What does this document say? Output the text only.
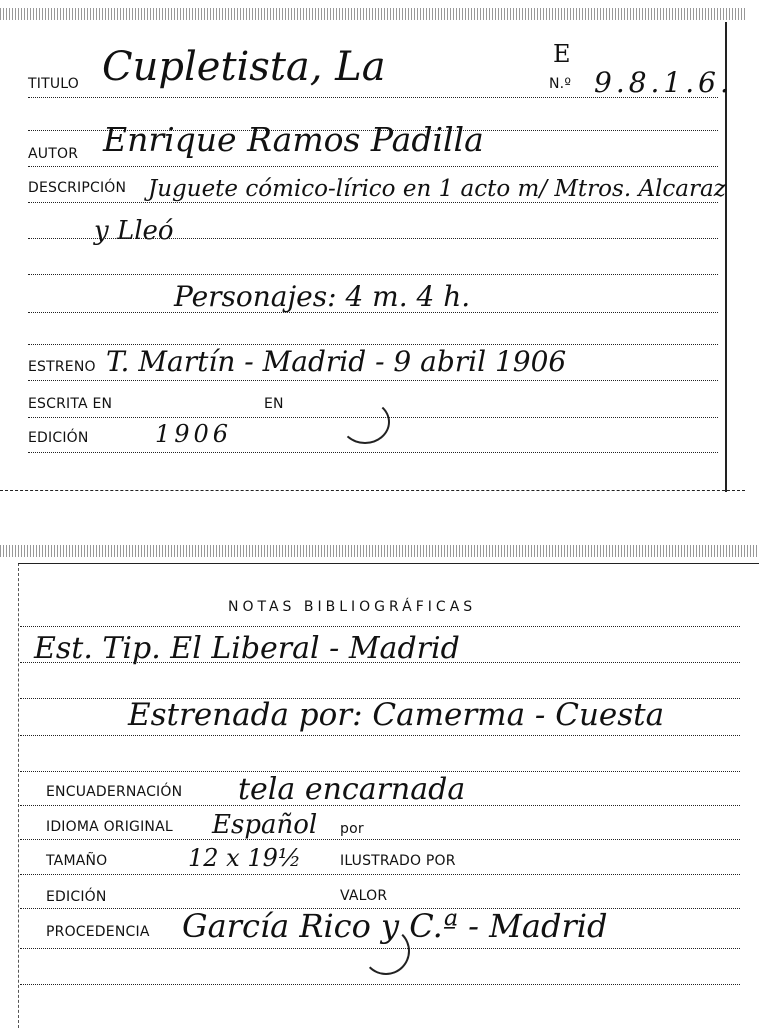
E
N.º 9.8.1.6.
TITULO Cupletista, La
AUTOR Enrique Ramos Padilla
DESCRIPCIÓN Juguete cómico-lírico en 1 acto m/ Mtros. Alcaraz
y Lleó
Personajes: 4 m. 4 h.
ESTRENO T. Martín - Madrid - 9 abril 1906
ESCRITA EN	EN
EDICIÓN	1906
NOTAS BIBLIOGRÁFICAS
Est. Tip. El Liberal - Madrid
Estrenada por: Camerma - Cuesta
ENCUADERNACIÓN tela encarnada
IDIOMA ORIGINAL Español por
TAMAÑO	12 x 19½	ILUSTRADO POR
EDICIÓN	VALOR
PROCEDENCIA García Rico y C.ª - Madrid
